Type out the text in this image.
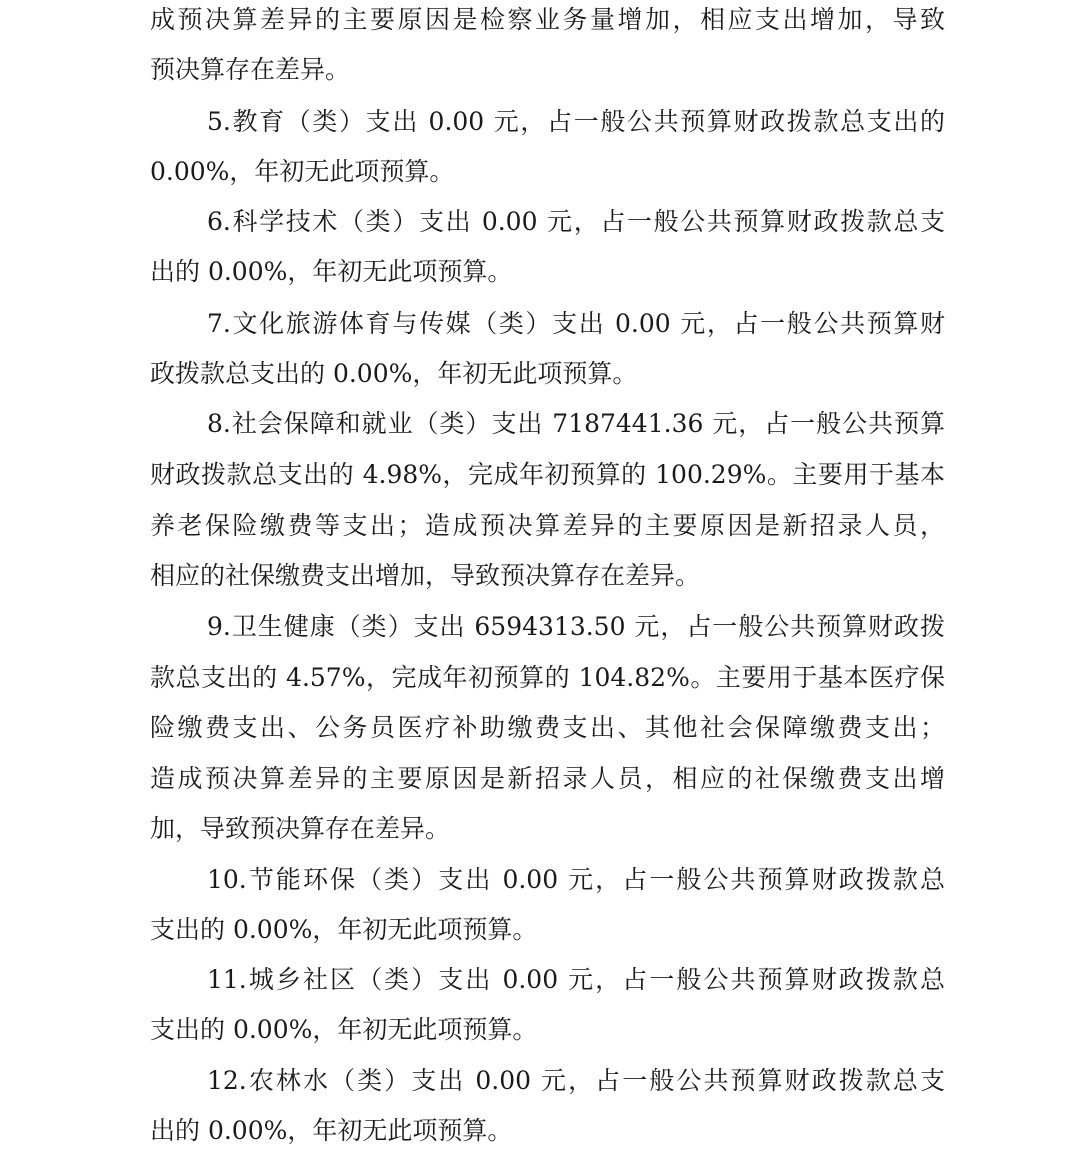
成预决算差异的主要原因是检察业务量增加，相应支出增加，导致
预决算存在差异。
5.教育（类）支出 0.00 元，占一般公共预算财政拨款总支出的
0.00%，年初无此项预算。
6.科学技术（类）支出 0.00 元，占一般公共预算财政拨款总支
出的 0.00%，年初无此项预算。
7.文化旅游体育与传媒（类）支出 0.00 元，占一般公共预算财
政拨款总支出的 0.00%，年初无此项预算。
8.社会保障和就业（类）支出 7187441.36 元，占一般公共预算
财政拨款总支出的 4.98%，完成年初预算的 100.29%。主要用于基本
养老保险缴费等支出；造成预决算差异的主要原因是新招录人员，
相应的社保缴费支出增加，导致预决算存在差异。
9.卫生健康（类）支出 6594313.50 元，占一般公共预算财政拨
款总支出的 4.57%，完成年初预算的 104.82%。主要用于基本医疗保
险缴费支出、公务员医疗补助缴费支出、其他社会保障缴费支出；
造成预决算差异的主要原因是新招录人员，相应的社保缴费支出增
加，导致预决算存在差异。
10.节能环保（类）支出 0.00 元，占一般公共预算财政拨款总
支出的 0.00%，年初无此项预算。
11.城乡社区（类）支出 0.00 元，占一般公共预算财政拨款总
支出的 0.00%，年初无此项预算。
12.农林水（类）支出 0.00 元，占一般公共预算财政拨款总支
出的 0.00%，年初无此项预算。
